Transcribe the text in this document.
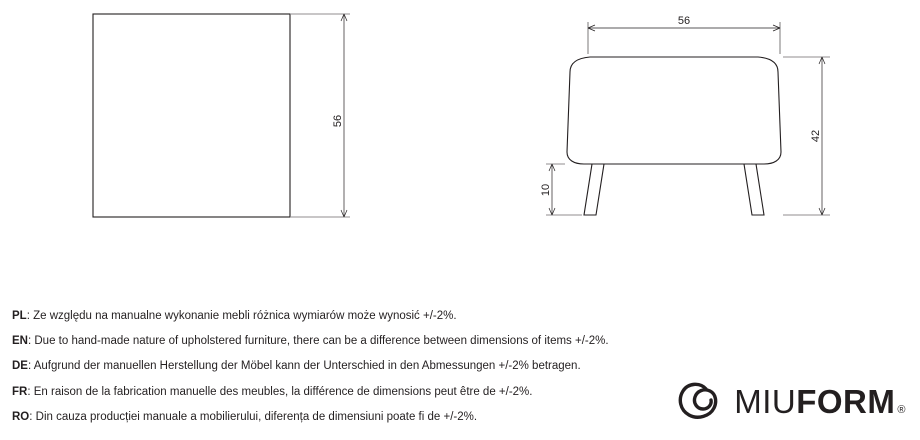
56
56
42
10
PL: Ze względu na manualne wykonanie mebli różnica wymiarów może wynosić +/-2%.
EN: Due to hand-made nature of upholstered furniture, there can be a difference between dimensions of items +/-2%.
DE: Aufgrund der manuellen Herstellung der Möbel kann der Unterschied in den Abmessungen +/-2% betragen.
FR: En raison de la fabrication manuelle des meubles, la différence de dimensions peut être de +/-2%.
RO: Din cauza producției manuale a mobilierului, diferența de dimensiuni poate fi de +/-2%.	MIU FORM ®
